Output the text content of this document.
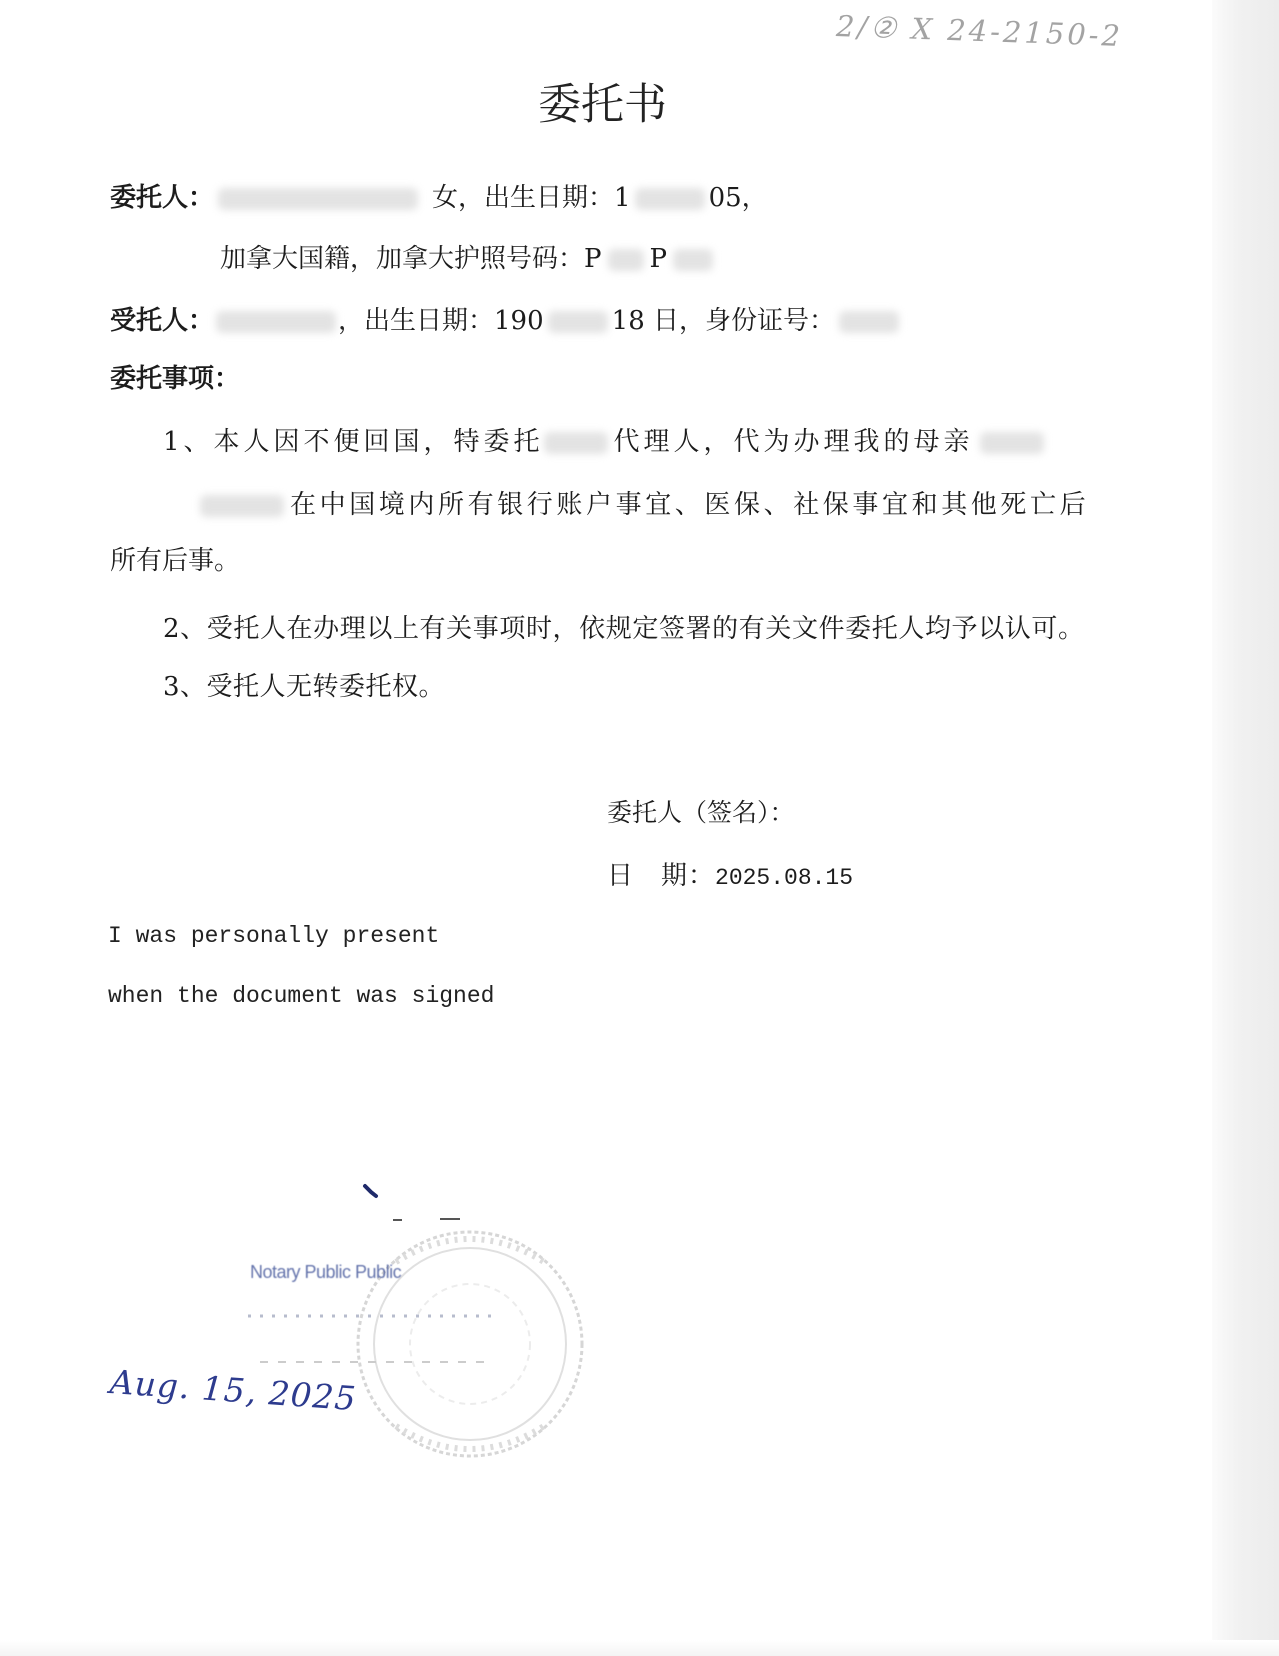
2/② X 24-2150-2
委托书
委托人：	女，出生日期：1	05，
加拿大国籍，加拿大护照号码：P P
受托人：	，出生日期：190	18 日，身份证号：
委托事项：
1、本人因不便回国，特委托	代理人，代为办理我的母亲
在中国境内所有银行账户事宜、医保、社保事宜和其他死亡后
所有后事。
2、受托人在办理以上有关事项时，依规定签署的有关文件委托人均予以认可。
3、受托人无转委托权。
委托人（签名）：
日　期：2025.08.15
I was personally present
when the document was signed
Notary Public Public
Aug. 15, 2025
